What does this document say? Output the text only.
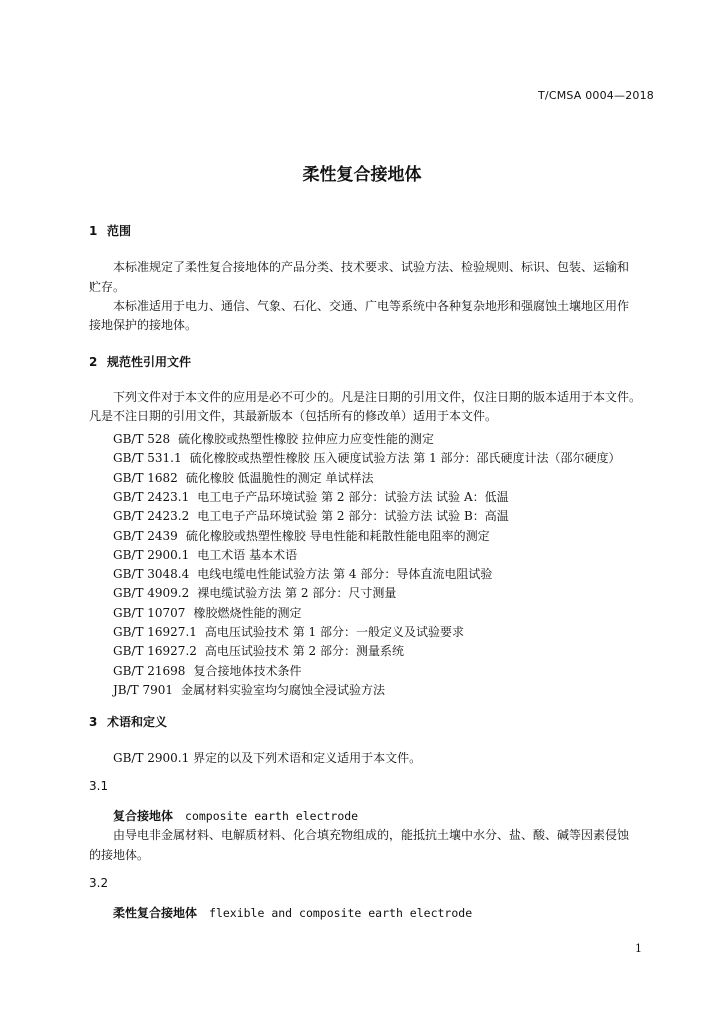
T/CMSA 0004—2018
柔性复合接地体
1 范围
本标准规定了柔性复合接地体的产品分类、技术要求、试验方法、检验规则、标识、包装、运输和
贮存。
本标准适用于电力、通信、气象、石化、交通、广电等系统中各种复杂地形和强腐蚀土壤地区用作
接地保护的接地体。
2 规范性引用文件
下列文件对于本文件的应用是必不可少的。凡是注日期的引用文件，仅注日期的版本适用于本文件。
凡是不注日期的引用文件，其最新版本（包括所有的修改单）适用于本文件。
GB/T 528 硫化橡胶或热塑性橡胶 拉伸应力应变性能的测定
GB/T 531.1 硫化橡胶或热塑性橡胶 压入硬度试验方法 第 1 部分：邵氏硬度计法（邵尔硬度）
GB/T 1682 硫化橡胶 低温脆性的测定 单试样法
GB/T 2423.1 电工电子产品环境试验 第 2 部分：试验方法 试验 A：低温
GB/T 2423.2 电工电子产品环境试验 第 2 部分：试验方法 试验 B：高温
GB/T 2439 硫化橡胶或热塑性橡胶 导电性能和耗散性能电阻率的测定
GB/T 2900.1 电工术语 基本术语
GB/T 3048.4 电线电缆电性能试验方法 第 4 部分：导体直流电阻试验
GB/T 4909.2 裸电缆试验方法 第 2 部分：尺寸测量
GB/T 10707 橡胶燃烧性能的测定
GB/T 16927.1 高电压试验技术 第 1 部分：一般定义及试验要求
GB/T 16927.2 高电压试验技术 第 2 部分：测量系统
GB/T 21698 复合接地体技术条件
JB/T 7901 金属材料实验室均匀腐蚀全浸试验方法
3 术语和定义
GB/T 2900.1 界定的以及下列术语和定义适用于本文件。
3.1
复合接地体 composite earth electrode
由导电非金属材料、电解质材料、化合填充物组成的，能抵抗土壤中水分、盐、酸、碱等因素侵蚀
的接地体。
3.2
柔性复合接地体 flexible and composite earth electrode
1
